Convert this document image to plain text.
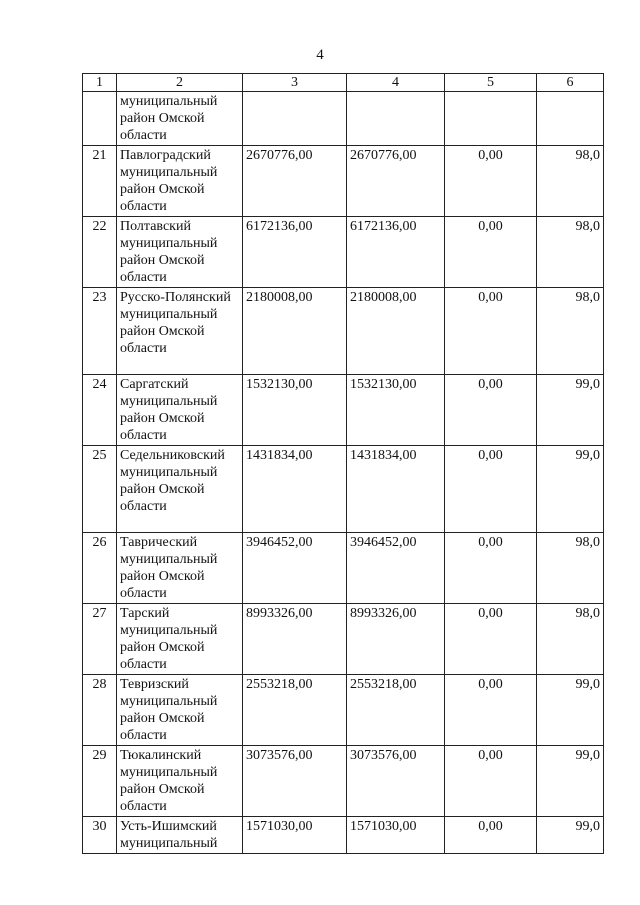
4
1	2	3	4	5	6
	муниципальный район Омской области				
21	Павлоградский муниципальный район Омской области	2670776,00	2670776,00	0,00	98,0
22	Полтавский муниципальный район Омской области	6172136,00	6172136,00	0,00	98,0
23	Русско-Полянский муниципальный район Омской области	2180008,00	2180008,00	0,00	98,0
24	Саргатский муниципальный район Омской области	1532130,00	1532130,00	0,00	99,0
25	Седельниковский муниципальный район Омской области	1431834,00	1431834,00	0,00	99,0
26	Таврический муниципальный район Омской области	3946452,00	3946452,00	0,00	98,0
27	Тарский муниципальный район Омской области	8993326,00	8993326,00	0,00	98,0
28	Тевризский муниципальный район Омской области	2553218,00	2553218,00	0,00	99,0
29	Тюкалинский муниципальный район Омской области	3073576,00	3073576,00	0,00	99,0
30	Усть-Ишимский муниципальный	1571030,00	1571030,00	0,00	99,0
